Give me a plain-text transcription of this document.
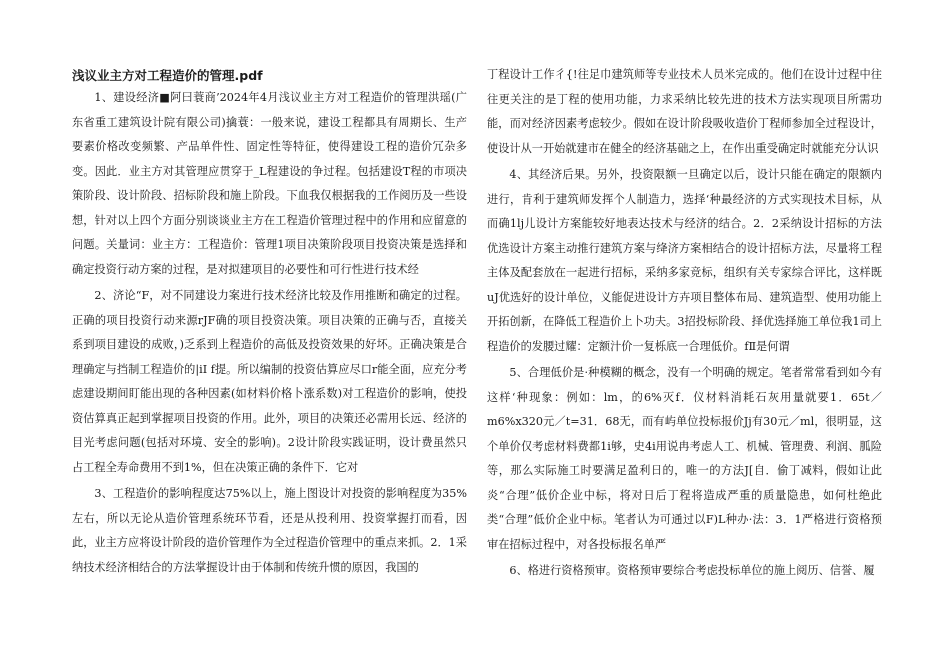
浅议业主方对工程造价的管理.pdf

1、建设经济■阿曰蓑商’2024年4月浅议业主方对工程造价的管理洪瑶(广东省重工建筑设计院有限公司)擒蓑：一般来说，建设工程都具有周期长、生产要素价格改变频繁、产品单件性、固定性等特征，使得建设工程的造价冗杂多变。因此．业主方对其管理应贯穿于_L程建设的争过程。包括建设T程的市项决策阶段、设计阶段、招标阶段和施上阶段。下血我仅根据我的工作阅历及一些设想，针对以上四个方面分别谈谈业主方在工程造价管理过程中的作用和应留意的问题。关量词：业主方：工程造价：管理1项目决策阶段项目投资决策是选择和确定投资行动方案的过程，是对拟建项目的必要性和可行性进行技术经

2、济论“F，对不同建设力案进行技术经济比较及作用推断和确定的过程。正确的项目投资行动来源rJF确的项目投资决策。项目决策的正确与否，直接关系到项目建设的成败，)乏系到上程造价的高低及投资效果的好坏。正确决策是合理确定与挡制工程造价的|iI f提。所以编制的投资估算应尽口r能全面，应充分考虑建设期间盯能出现的各种因素(如材料价格卜涨系数)对工程造价的影响，使投资估算真正起到掌握项目投资的作用。此外，项目的决策还必需用长远、经济的目光考虑问题(包括对环境、安全的影响)。2设计阶段实践证明，设计费虽然只占工程全寿命费用不到1%，但在决策正确的条件下．它对

3、工程造价的影响程度达75%以上，施上图设计对投资的影响程度为35%左右，所以无论从造价管理系统环节看，还是从投利用、投资掌握打而看，因此，业主方应将设计阶段的造价管理作为全过程造价管理中的重点来抓。2．1采纳技术经济相结合的方法掌握设计由于体制和传统升惯的原因，我国的

丁程设计工作彳{!往足巾建筑师等专业技术人员米完成的。他们在设计过程中往往更关注的是丁程的使用功能，力求采纳比较先进的技术方法实现项目所需功能，而对经济因素考虑较少。假如在设计阶段吸收造价丁程师参加全过程设计，使设计从一开始就建市在健全的经济基础之上，在作出重受确定时就能充分认识

4、其经济后果。另外，投资限额一旦确定以后，设计只能在确定的限额内进行，肯利于建筑师发挥个人制造力，选择‘种最经济的方式实现技术目标，从而确1lj儿设计方案能较好地表达技术与经济的结合。2．2采纳设计招标的方法优选设计方案主动推行建筑方案与绛济方案相结合的设计招标方法，尽量将工程主体及配套放在一起进行招标，采纳多家竞标，组织有关专家综合评比，这样既uJ优选好的设计单位，义能促进设计方卉项目整体布局、建筑造型、使用功能上开拓创新，在降低工程造价上卜功夫。3招投标阶段、择优选择施工单位我1司上程造价的发腰过耀：定额汁价一复栎底一合理低价。fⅡ是何谓

5、合理低价是·种模糊的概念，没有一个明确的规定。笔者常常看到如今有这样‘种现象：例如：lm，的6%灭f．仪材料消耗石灰用量就要1．65t／m6%x320元／t=31．68无，而有屿单位投标报价Jj有30元／ml，很明显，这个单价仅考虑材料费都1i够，史4i用说冉考虑人工、机械、管理费、利润、胍险等，那么实际施工时要满足盈利日的，唯一的方法J[自．偷丁减料，假如让此炎“合理”低价企业中标，将对日后丁程将造成严重的质量隐患，如何杜绝此类“合理”低价企业中标。笔者认为可通过以F)L种办·法：3．1严格进行资格预审在招标过程中，对各投标报名单严

6、格进行资格预审。资格预审要综合考虑投标单位的施上阅历、信誉、履
